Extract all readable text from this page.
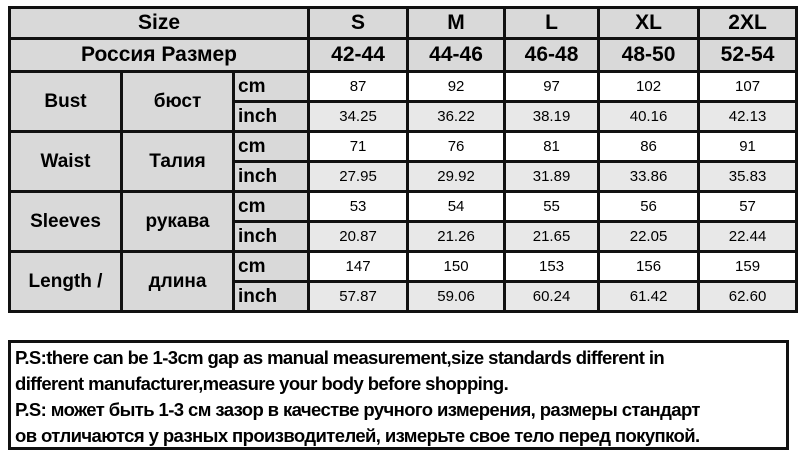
Size			S	M	L	XL	2XL
Россия Размер			42-44	44-46	46-48	48-50	52-54
Bust	бюст	cm	87	92	97	102	107
		inch	34.25	36.22	38.19	40.16	42.13
Waist	Талия	cm	71	76	81	86	91
		inch	27.95	29.92	31.89	33.86	35.83
Sleeves	рукава	cm	53	54	55	56	57
		inch	20.87	21.26	21.65	22.05	22.44
Length /	длина	cm	147	150	153	156	159
		inch	57.87	59.06	60.24	61.42	62.60
P.S:there can be 1-3cm gap as manual measurement,size standards different in
different manufacturer,measure your body before shopping.
P.S: может быть 1-3 см зазор в качестве ручного измерения, размеры стандарт
ов отличаются у разных производителей, измерьте свое тело перед покупкой.
